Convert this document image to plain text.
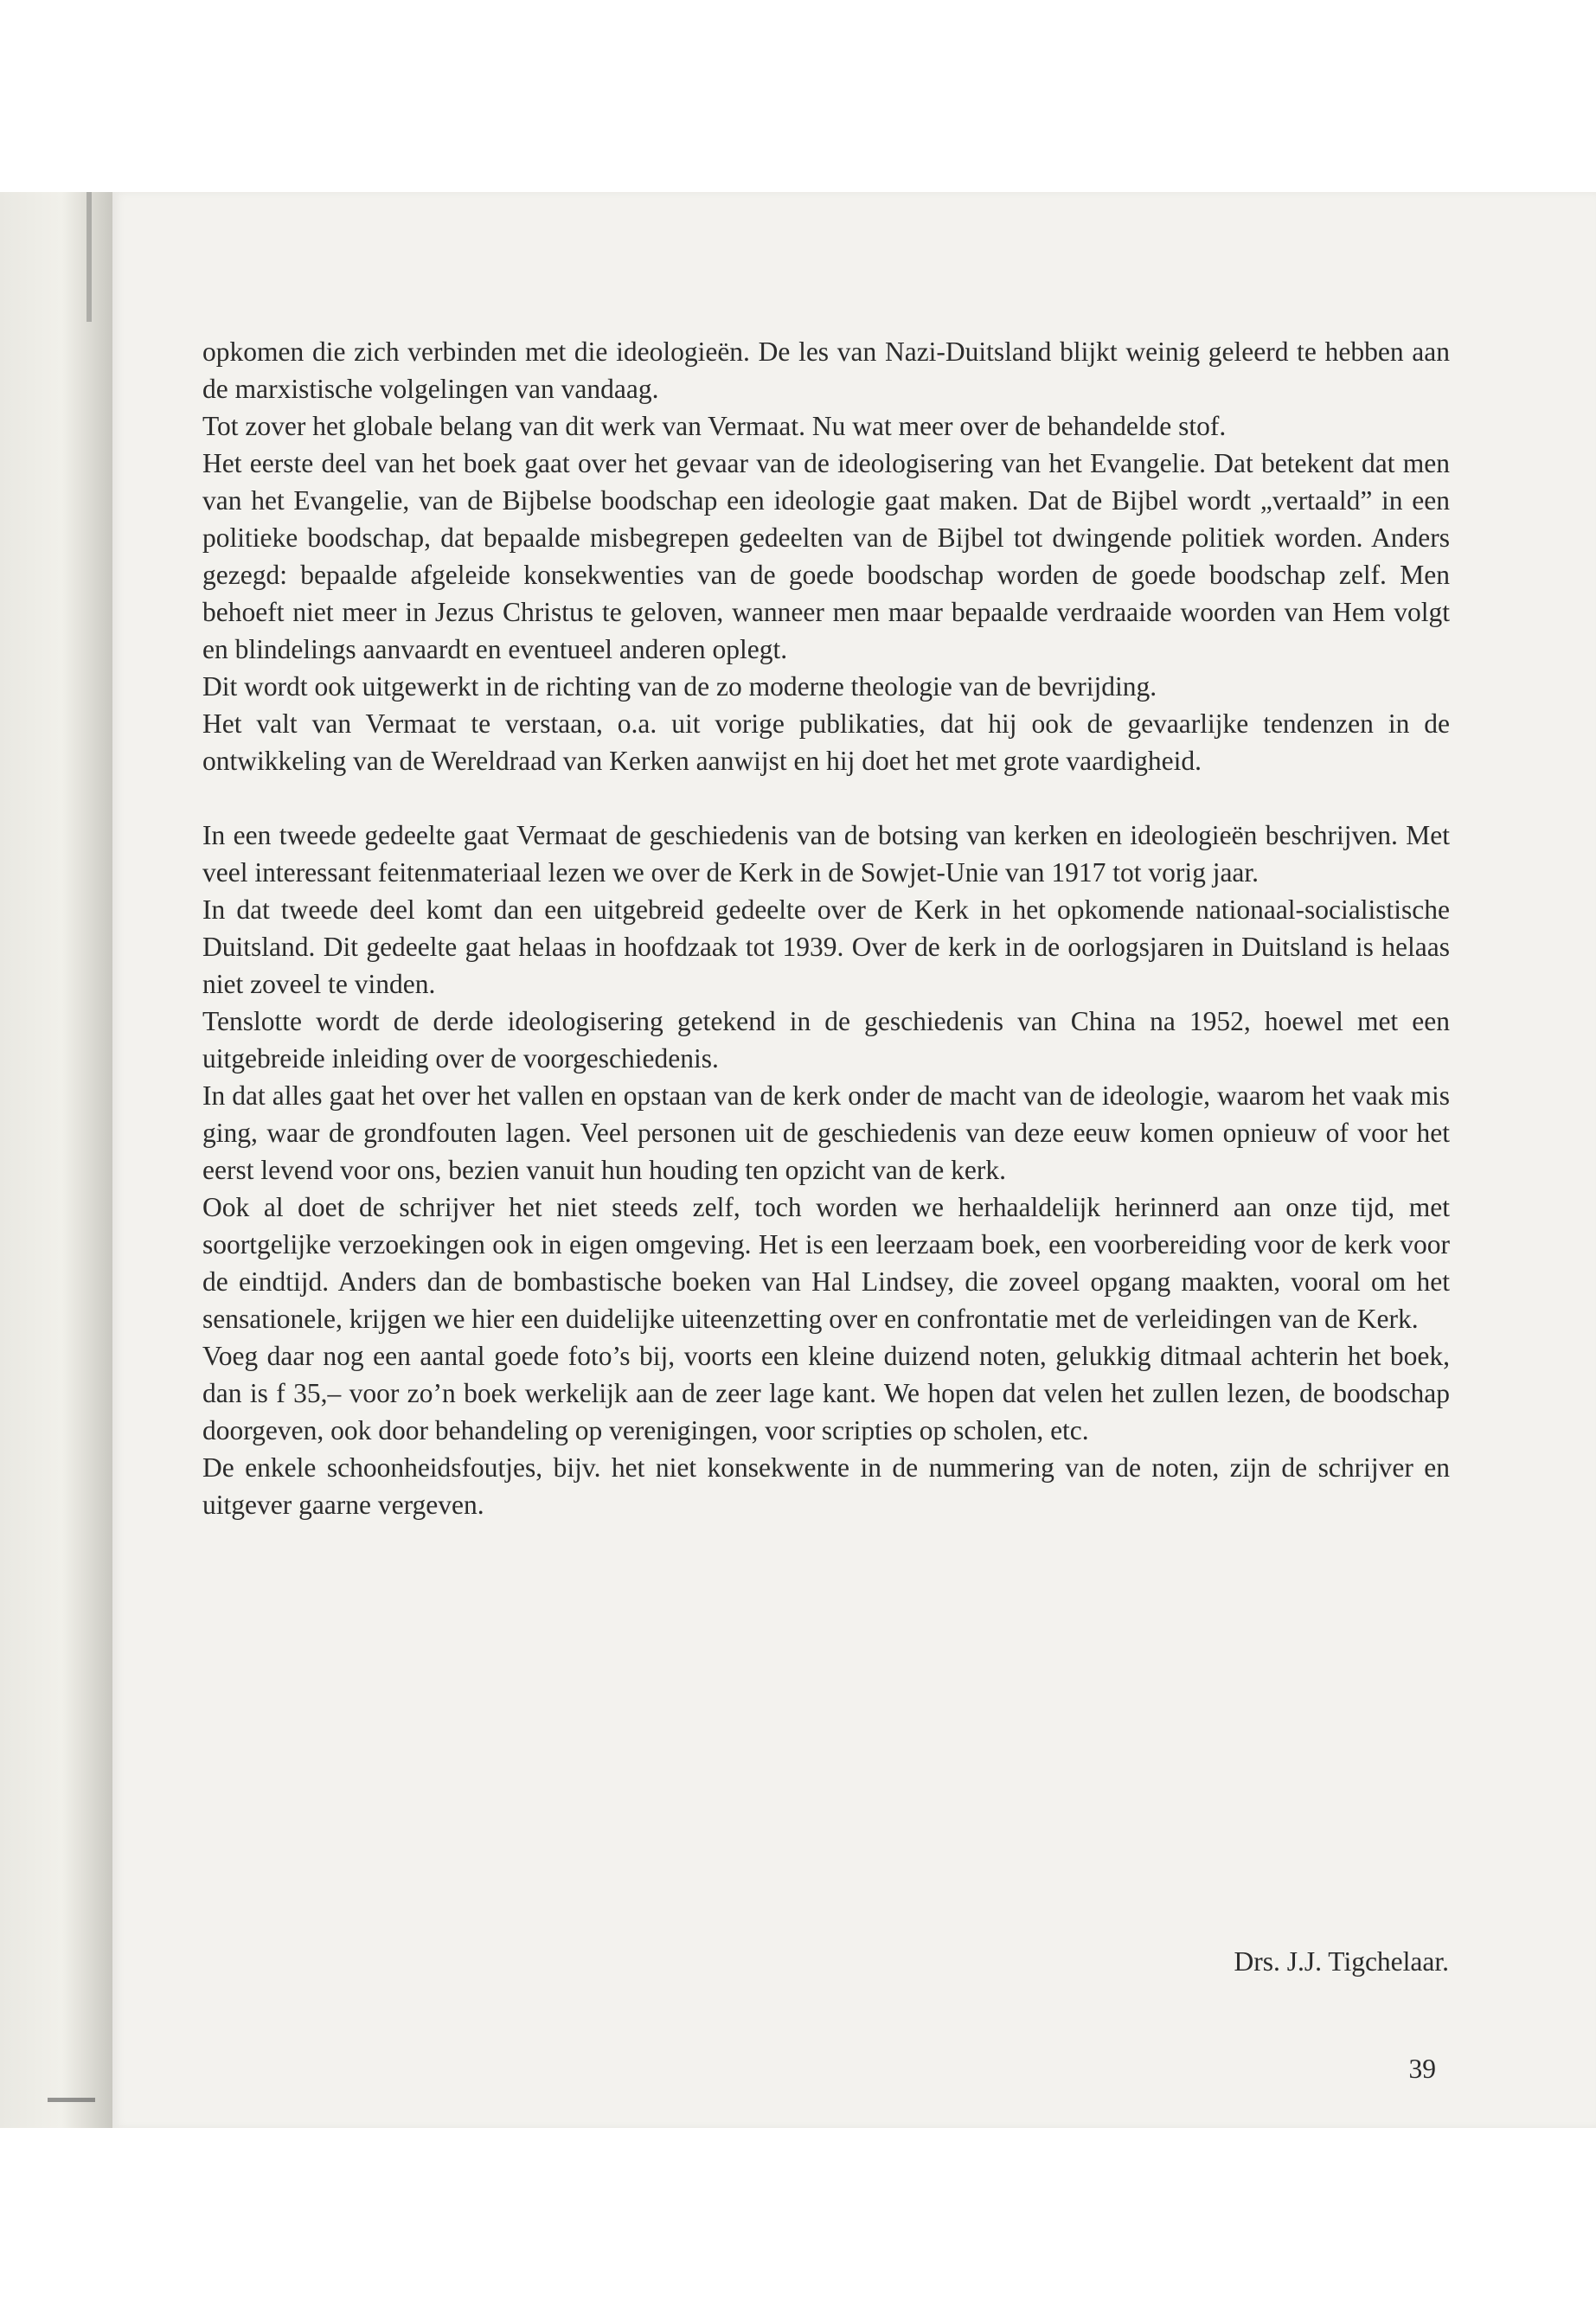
opkomen die zich verbinden met die ideologieën. De les van Nazi-Duitsland blijkt weinig geleerd te hebben aan de marxistische volgelingen van vandaag.

Tot zover het globale belang van dit werk van Vermaat. Nu wat meer over de behandelde stof.

Het eerste deel van het boek gaat over het gevaar van de ideologisering van het Evangelie. Dat betekent dat men van het Evangelie, van de Bijbelse boodschap een ideologie gaat maken. Dat de Bijbel wordt „vertaald” in een politieke boodschap, dat bepaalde misbegrepen gedeelten van de Bijbel tot dwingende politiek worden. Anders gezegd: bepaalde afgeleide konsekwenties van de goede boodschap worden de goede boodschap zelf. Men behoeft niet meer in Jezus Christus te geloven, wanneer men maar bepaalde verdraaide woorden van Hem volgt en blindelings aanvaardt en eventueel anderen oplegt.

Dit wordt ook uitgewerkt in de richting van de zo moderne theologie van de bevrijding.

Het valt van Vermaat te verstaan, o.a. uit vorige publikaties, dat hij ook de gevaarlijke tendenzen in de ontwikkeling van de Wereldraad van Kerken aanwijst en hij doet het met grote vaardigheid.

In een tweede gedeelte gaat Vermaat de geschiedenis van de botsing van kerken en ideologieën beschrijven. Met veel interessant feitenmateriaal lezen we over de Kerk in de Sowjet-Unie van 1917 tot vorig jaar.

In dat tweede deel komt dan een uitgebreid gedeelte over de Kerk in het opkomende nationaal-socialistische Duitsland. Dit gedeelte gaat helaas in hoofdzaak tot 1939. Over de kerk in de oorlogsjaren in Duitsland is helaas niet zoveel te vinden.

Tenslotte wordt de derde ideologisering getekend in de geschiedenis van China na 1952, hoewel met een uitgebreide inleiding over de voorgeschiedenis.

In dat alles gaat het over het vallen en opstaan van de kerk onder de macht van de ideologie, waarom het vaak mis ging, waar de grondfouten lagen. Veel personen uit de geschiedenis van deze eeuw komen opnieuw of voor het eerst levend voor ons, bezien vanuit hun houding ten opzicht van de kerk.

Ook al doet de schrijver het niet steeds zelf, toch worden we herhaaldelijk herinnerd aan onze tijd, met soortgelijke verzoekingen ook in eigen omgeving. Het is een leerzaam boek, een voorbereiding voor de kerk voor de eindtijd. Anders dan de bombastische boeken van Hal Lindsey, die zoveel opgang maakten, vooral om het sensationele, krijgen we hier een duidelijke uiteenzetting over en confrontatie met de verleidingen van de Kerk.

Voeg daar nog een aantal goede foto’s bij, voorts een kleine duizend noten, gelukkig ditmaal achterin het boek, dan is f 35,– voor zo’n boek werkelijk aan de zeer lage kant. We hopen dat velen het zullen lezen, de boodschap doorgeven, ook door behandeling op verenigingen, voor scripties op scholen, etc.

De enkele schoonheidsfoutjes, bijv. het niet konsekwente in de nummering van de noten, zijn de schrijver en uitgever gaarne vergeven.

Drs. J.J. Tigchelaar.
39
